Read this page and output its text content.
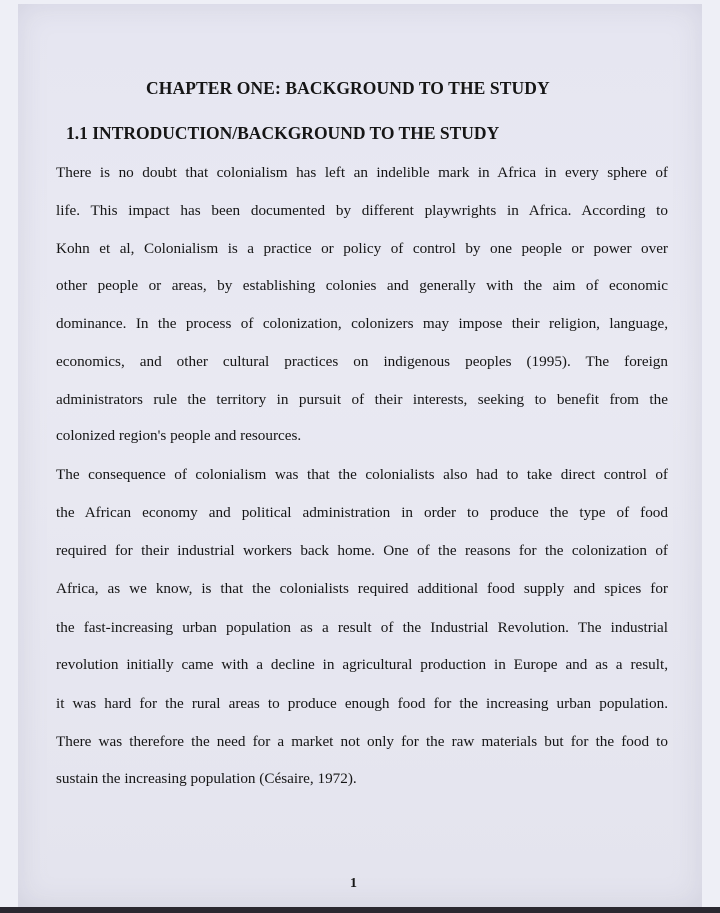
CHAPTER ONE: BACKGROUND TO THE STUDY
1.1 INTRODUCTION/BACKGROUND TO THE STUDY
There is no doubt that colonialism has left an indelible mark in Africa in every sphere of
life. This impact has been documented by different playwrights in Africa. According to
Kohn et al, Colonialism is a practice or policy of control by one people or power over
other people or areas, by establishing colonies and generally with the aim of economic
dominance. In the process of colonization, colonizers may impose their religion, language,
economics, and other cultural practices on indigenous peoples (1995). The foreign
administrators rule the territory in pursuit of their interests, seeking to benefit from the
colonized region's people and resources.
The consequence of colonialism was that the colonialists also had to take direct control of
the African economy and political administration in order to produce the type of food
required for their industrial workers back home. One of the reasons for the colonization of
Africa, as we know, is that the colonialists required additional food supply and spices for
the fast-increasing urban population as a result of the Industrial Revolution. The industrial
revolution initially came with a decline in agricultural production in Europe and as a result,
it was hard for the rural areas to produce enough food for the increasing urban population.
There was therefore the need for a market not only for the raw materials but for the food to
sustain the increasing population (Césaire, 1972).
1
